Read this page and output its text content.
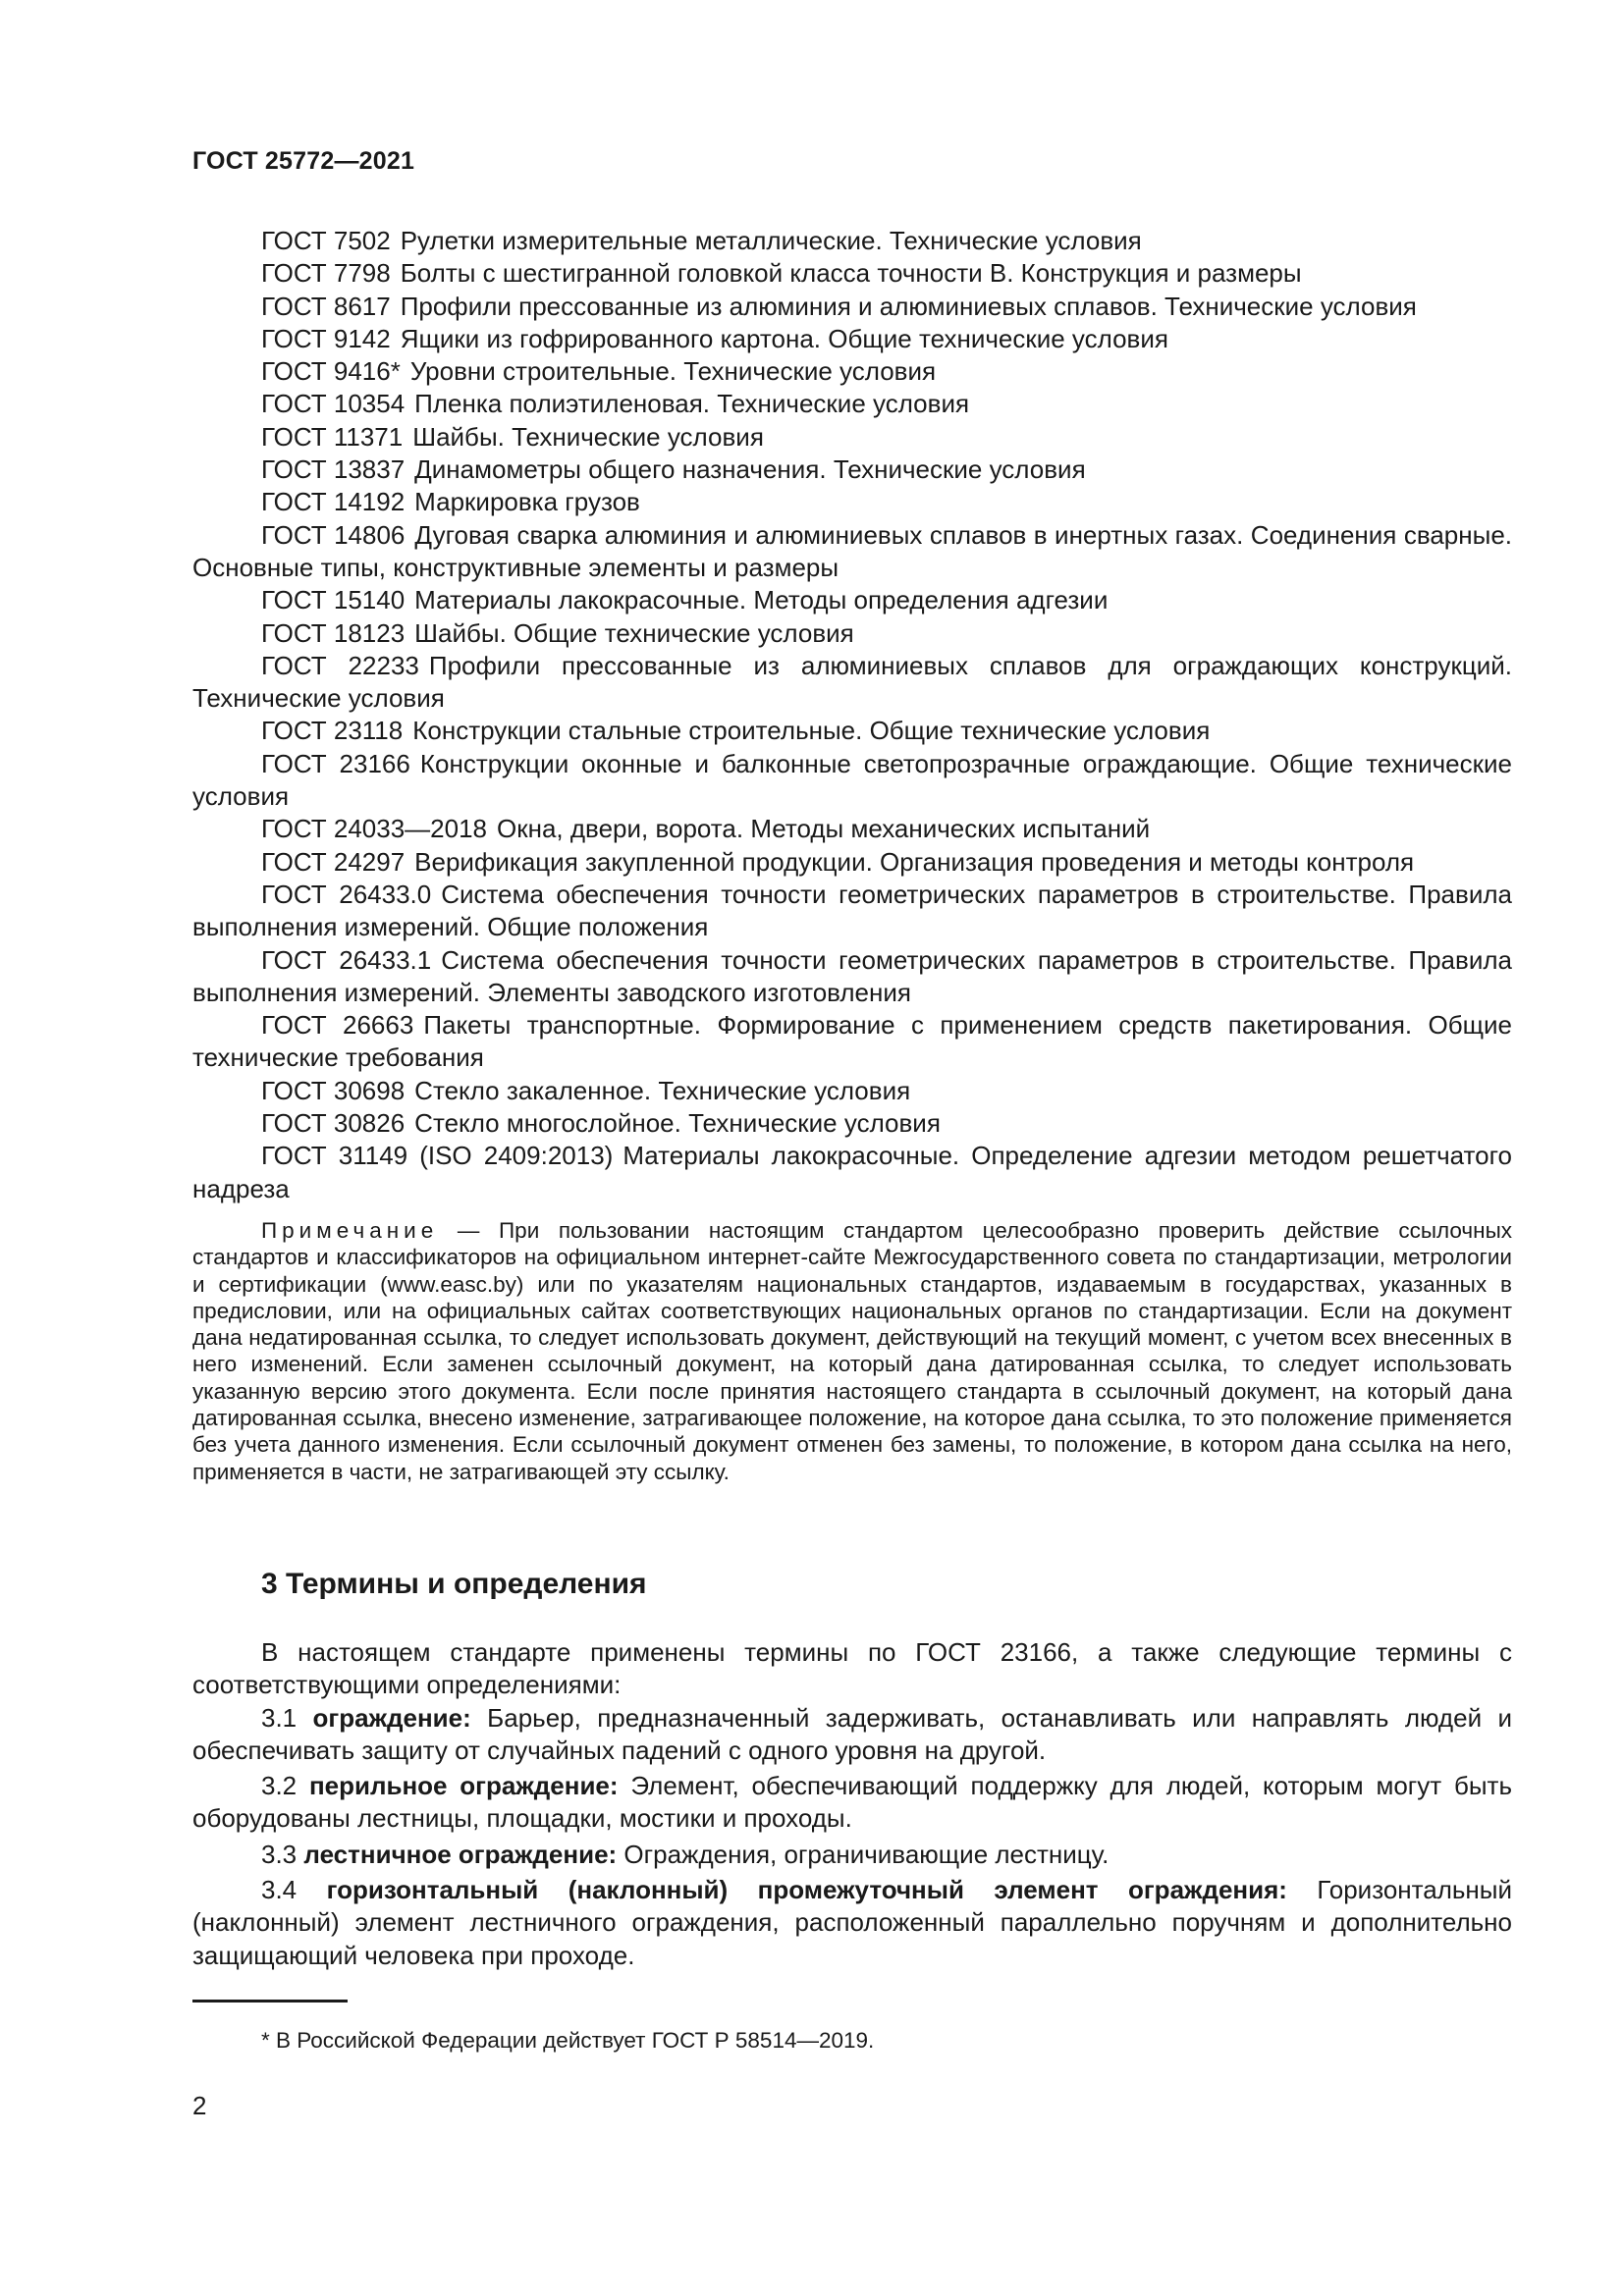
ГОСТ 25772—2021

ГОСТ 7502 Рулетки измерительные металлические. Технические условия

ГОСТ 7798 Болты с шестигранной головкой класса точности В. Конструкция и размеры

ГОСТ 8617 Профили прессованные из алюминия и алюминиевых сплавов. Технические условия

ГОСТ 9142 Ящики из гофрированного картона. Общие технические условия

ГОСТ 9416* Уровни строительные. Технические условия

ГОСТ 10354 Пленка полиэтиленовая. Технические условия

ГОСТ 11371 Шайбы. Технические условия

ГОСТ 13837 Динамометры общего назначения. Технические условия

ГОСТ 14192 Маркировка грузов

ГОСТ 14806 Дуговая сварка алюминия и алюминиевых сплавов в инертных газах. Соединения сварные. Основные типы, конструктивные элементы и размеры

ГОСТ 15140 Материалы лакокрасочные. Методы определения адгезии

ГОСТ 18123 Шайбы. Общие технические условия

ГОСТ 22233 Профили прессованные из алюминиевых сплавов для ограждающих конструкций. Технические условия

ГОСТ 23118 Конструкции стальные строительные. Общие технические условия

ГОСТ 23166 Конструкции оконные и балконные светопрозрачные ограждающие. Общие технические условия

ГОСТ 24033—2018 Окна, двери, ворота. Методы механических испытаний

ГОСТ 24297 Верификация закупленной продукции. Организация проведения и методы контроля

ГОСТ 26433.0 Система обеспечения точности геометрических параметров в строительстве. Правила выполнения измерений. Общие положения

ГОСТ 26433.1 Система обеспечения точности геометрических параметров в строительстве. Правила выполнения измерений. Элементы заводского изготовления

ГОСТ 26663 Пакеты транспортные. Формирование с применением средств пакетирования. Общие технические требования

ГОСТ 30698 Стекло закаленное. Технические условия

ГОСТ 30826 Стекло многослойное. Технические условия

ГОСТ 31149 (ISO 2409:2013) Материалы лакокрасочные. Определение адгезии методом решетчатого надреза

Примечание — При пользовании настоящим стандартом целесообразно проверить действие ссылочных стандартов и классификаторов на официальном интернет-сайте Межгосударственного совета по стандартизации, метрологии и сертификации (www.easc.by) или по указателям национальных стандартов, издаваемым в государствах, указанных в предисловии, или на официальных сайтах соответствующих национальных органов по стандартизации. Если на документ дана недатированная ссылка, то следует использовать документ, действующий на текущий момент, с учетом всех внесенных в него изменений. Если заменен ссылочный документ, на который дана датированная ссылка, то следует использовать указанную версию этого документа. Если после принятия настоящего стандарта в ссылочный документ, на который дана датированная ссылка, внесено изменение, затрагивающее положение, на которое дана ссылка, то это положение применяется без учета данного изменения. Если ссылочный документ отменен без замены, то положение, в котором дана ссылка на него, применяется в части, не затрагивающей эту ссылку.

3 Термины и определения

В настоящем стандарте применены термины по ГОСТ 23166, а также следующие термины с соответствующими определениями:

3.1 ограждение: Барьер, предназначенный задерживать, останавливать или направлять людей и обеспечивать защиту от случайных падений с одного уровня на другой.

3.2 перильное ограждение: Элемент, обеспечивающий поддержку для людей, которым могут быть оборудованы лестницы, площадки, мостики и проходы.

3.3 лестничное ограждение: Ограждения, ограничивающие лестницу.

3.4 горизонтальный (наклонный) промежуточный элемент ограждения: Горизонтальный (наклонный) элемент лестничного ограждения, расположенный параллельно поручням и дополнительно защищающий человека при проходе.

* В Российской Федерации действует ГОСТ Р 58514—2019.

2
